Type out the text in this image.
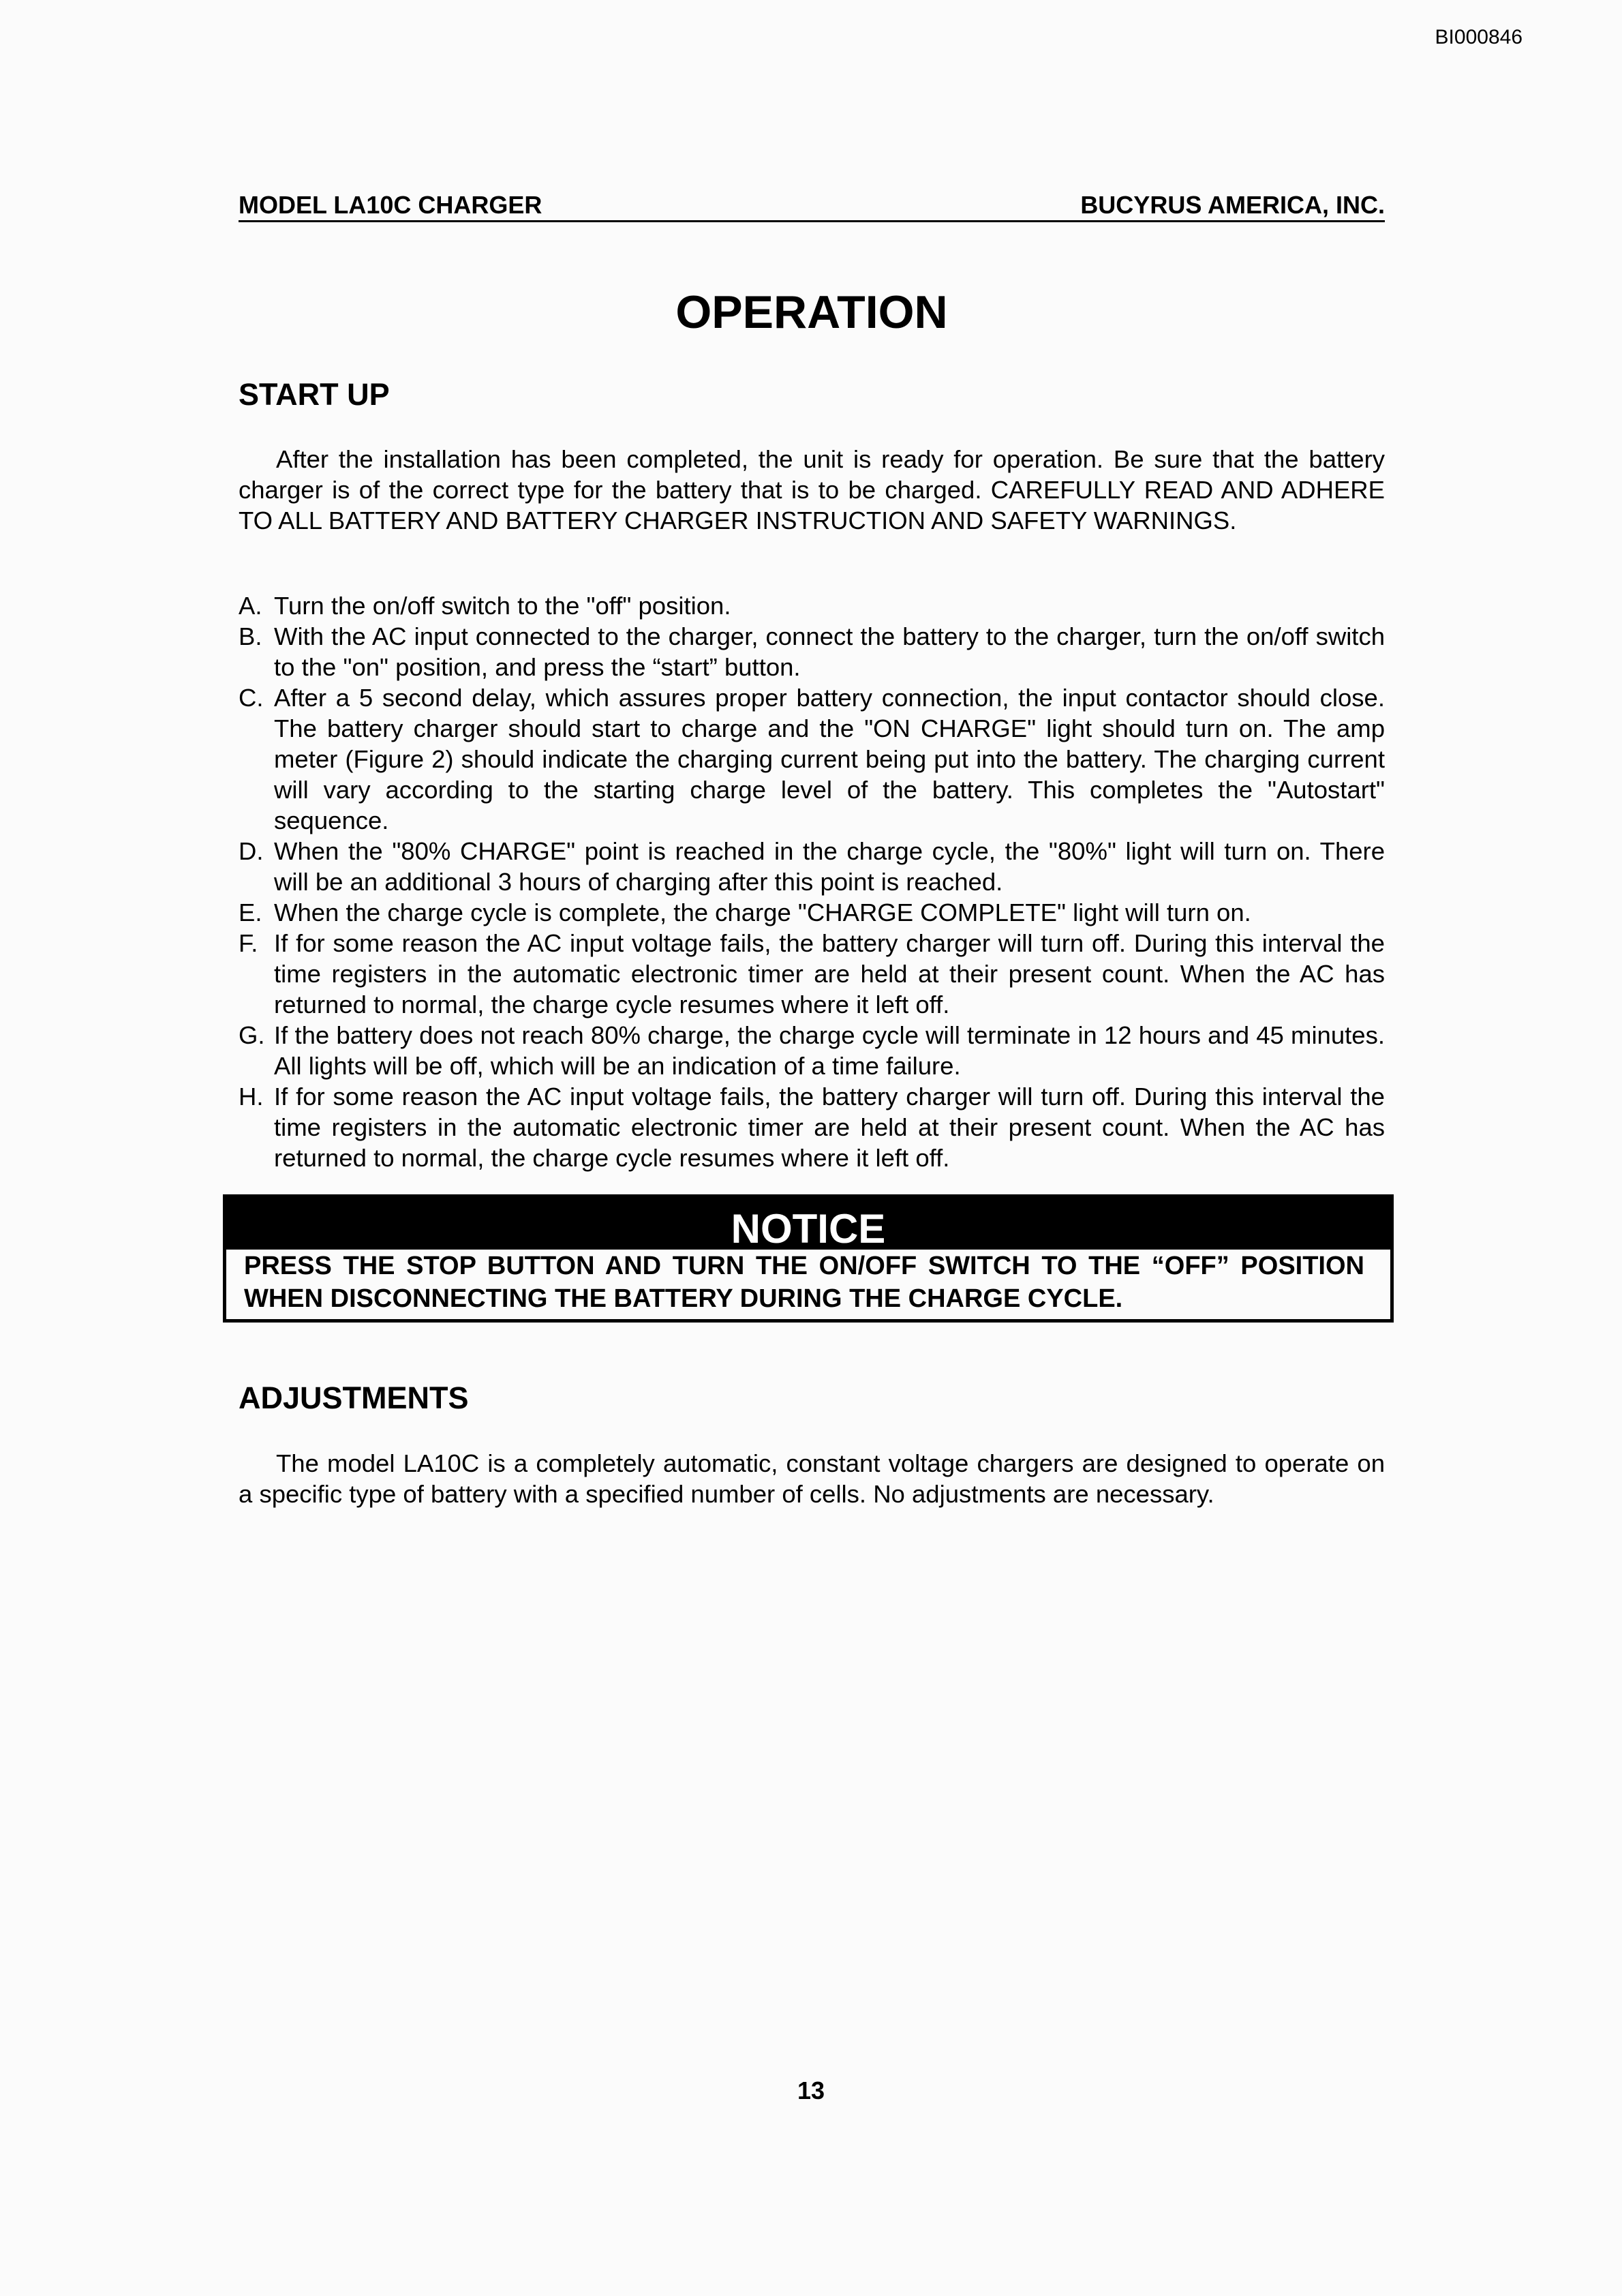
BI000846
MODEL LA10C CHARGER	BUCYRUS AMERICA, INC.
OPERATION
START UP

After the installation has been completed, the unit is ready for operation. Be sure that the battery charger is of the correct type for the battery that is to be charged. CAREFULLY READ AND ADHERE TO ALL BATTERY AND BATTERY CHARGER INSTRUCTION AND SAFETY WARNINGS.

A. Turn the on/off switch to the "off" position.
B. With the AC input connected to the charger, connect the battery to the charger, turn the on/off switch to the "on" position, and press the “start” button.
C. After a 5 second delay, which assures proper battery connection, the input contactor should close. The battery charger should start to charge and the "ON CHARGE" light should turn on. The amp meter (Figure 2) should indicate the charging current being put into the battery. The charging current will vary according to the starting charge level of the battery. This completes the "Autostart" sequence.
D. When the "80% CHARGE" point is reached in the charge cycle, the "80%" light will turn on. There will be an additional 3 hours of charging after this point is reached.
E. When the charge cycle is complete, the charge "CHARGE COMPLETE" light will turn on.
F. If for some reason the AC input voltage fails, the battery charger will turn off. During this interval the time registers in the automatic electronic timer are held at their present count. When the AC has returned to normal, the charge cycle resumes where it left off.
G. If the battery does not reach 80% charge, the charge cycle will terminate in 12 hours and 45 minutes. All lights will be off, which will be an indication of a time failure.
H. If for some reason the AC input voltage fails, the battery charger will turn off. During this interval the time registers in the automatic electronic timer are held at their present count. When the AC has returned to normal, the charge cycle resumes where it left off.
NOTICE
PRESS THE STOP BUTTON AND TURN THE ON/OFF SWITCH TO THE “OFF” POSITION WHEN DISCONNECTING THE BATTERY DURING THE CHARGE CYCLE.
ADJUSTMENTS

The model LA10C is a completely automatic, constant voltage chargers are designed to operate on a specific type of battery with a specified number of cells. No adjustments are necessary.

13
